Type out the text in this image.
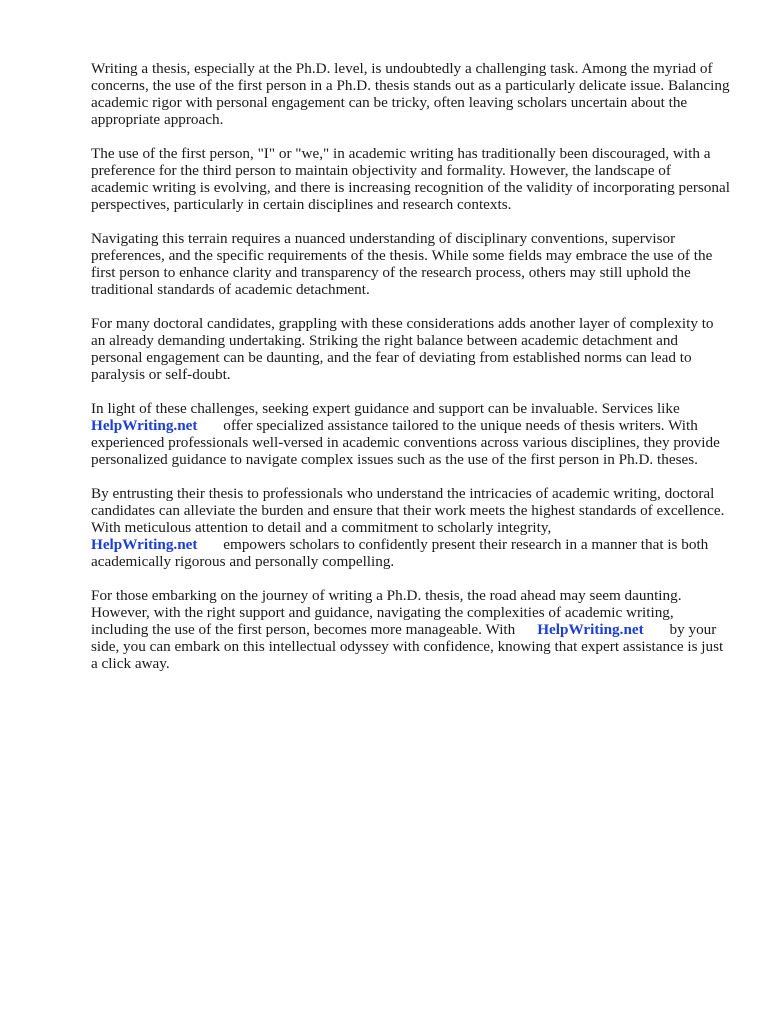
Writing a thesis, especially at the Ph.D. level, is undoubtedly a challenging task. Among the myriad of concerns, the use of the first person in a Ph.D. thesis stands out as a particularly delicate issue. Balancing academic rigor with personal engagement can be tricky, often leaving scholars uncertain about the appropriate approach.

The use of the first person, "I" or "we," in academic writing has traditionally been discouraged, with a preference for the third person to maintain objectivity and formality. However, the landscape of academic writing is evolving, and there is increasing recognition of the validity of incorporating personal perspectives, particularly in certain disciplines and research contexts.

Navigating this terrain requires a nuanced understanding of disciplinary conventions, supervisor preferences, and the specific requirements of the thesis. While some fields may embrace the use of the first person to enhance clarity and transparency of the research process, others may still uphold the traditional standards of academic detachment.

For many doctoral candidates, grappling with these considerations adds another layer of complexity to an already demanding undertaking. Striking the right balance between academic detachment and personal engagement can be daunting, and the fear of deviating from established norms can lead to paralysis or self-doubt.

In light of these challenges, seeking expert guidance and support can be invaluable. Services like
HelpWriting.net offer specialized assistance tailored to the unique needs of thesis writers. With experienced professionals well-versed in academic conventions across various disciplines, they provide personalized guidance to navigate complex issues such as the use of the first person in Ph.D. theses.

By entrusting their thesis to professionals who understand the intricacies of academic writing, doctoral candidates can alleviate the burden and ensure that their work meets the highest standards of excellence. With meticulous attention to detail and a commitment to scholarly integrity,
HelpWriting.net empowers scholars to confidently present their research in a manner that is both academically rigorous and personally compelling.

For those embarking on the journey of writing a Ph.D. thesis, the road ahead may seem daunting. However, with the right support and guidance, navigating the complexities of academic writing, including the use of the first person, becomes more manageable. With HelpWriting.net by your side, you can embark on this intellectual odyssey with confidence, knowing that expert assistance is just a click away.
